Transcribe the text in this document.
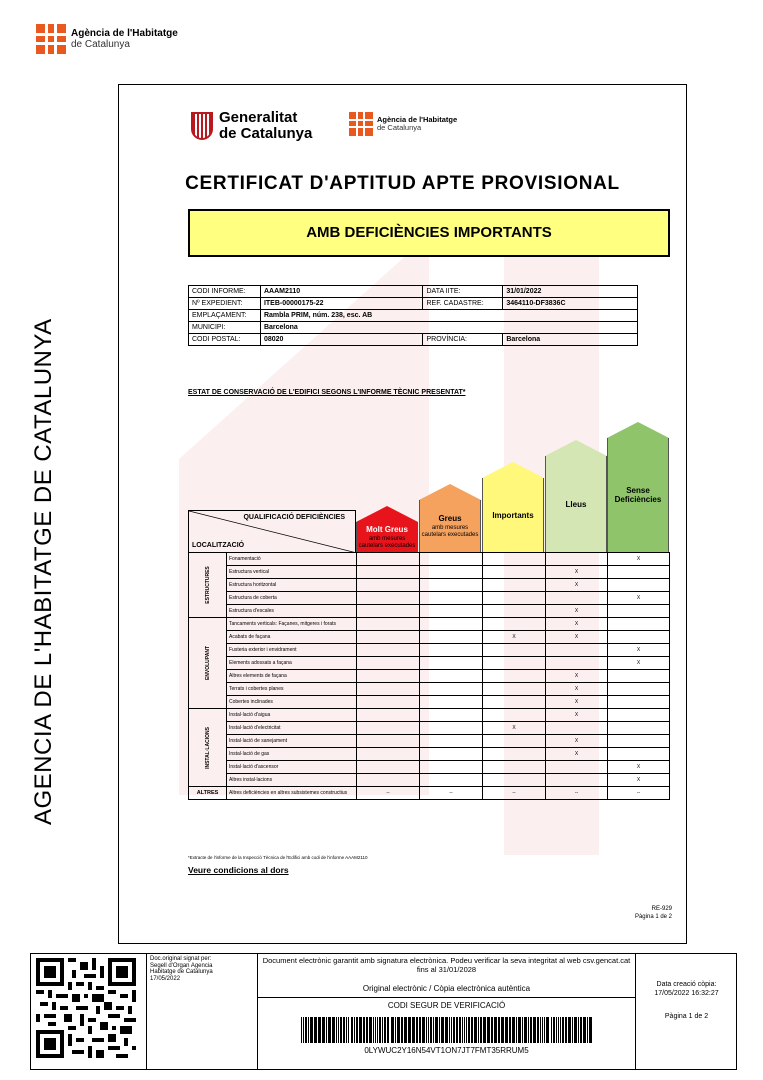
Agència de l'Habitatge
de Catalunya
AGENCIA DE L'HABITATGE DE CATALUNYA
Generalitat
de Catalunya
Agència de l'Habitatge
de Catalunya
CERTIFICAT D'APTITUD APTE PROVISIONAL
AMB DEFICIÈNCIES IMPORTANTS
CODI INFORME:	AAAM2110	DATA IITE:	31/01/2022
Nº EXPEDIENT:	ITEB-00000175-22	REF. CADASTRE:	3464110-DF3836C
EMPLAÇAMENT:	Rambla PRIM, núm. 238, esc. AB		
MUNICIPI:	Barcelona		
CODI POSTAL:	08020	PROVÍNCIA:	Barcelona
ESTAT DE CONSERVACIÓ DE L'EDIFICI SEGONS L'INFORME TÈCNIC PRESENTAT*
Molt Greus
amb mesures cautelars executades
Greus
amb mesures cautelars executades
Importants
Lleus
Sense Deficiències
QUALIFICACIÓ DEFICIÈNCIES
LOCALITZACIÓ
ESTRUCTURES	Fonamentació					X
	Estructura vertical				X	
	Estructura horitzontal				X	
	Estructura de coberta					X
	Estructura d'escales				X	

ENVOLUPANT	Tancaments verticals: Façanes, mitgeres i forats				X	
	Acabats de façana			X	X	
	Fusteria exterior i envidrament					X
	Elements adossats a façana					X
	Altres elements de façana				X	
	Terrats i cobertes planes				X	
	Cobertes inclinades				X	

INSTAL·LACIONS	Instal·lació d'aigua				X	
	Instal·lació d'electricitat			X		
	Instal·lació de sanejament				X	
	Instal·lació de gas				X	
	Instal·lació d'ascensor					X
	Altres instal·lacions					X
ALTRES	Altres deficiències en altres subsistemes constructius	--	--	--	--	--
*Extracte de l'informe de la Inspecció Tècnica de l'Edifici amb codi de l'informe AAAM2110
Veure condicions al dors
RE-929
Pàgina 1 de 2
Doc.original signat per:
Segell d'Organ Agencia
Habitatge de Catalunya
17/05/2022
Document electrònic garantit amb signatura electrònica. Podeu verificar la seva integritat al web csv.gencat.cat fins al 31/01/2028
Original electrònic / Còpia electrònica autèntica
CODI SEGUR DE VERIFICACIÓ
0LYWUC2Y16N54VT1ON7JT7FMT35RRUM5
Data creació còpia:
17/05/2022 16:32:27
Pàgina 1 de 2
